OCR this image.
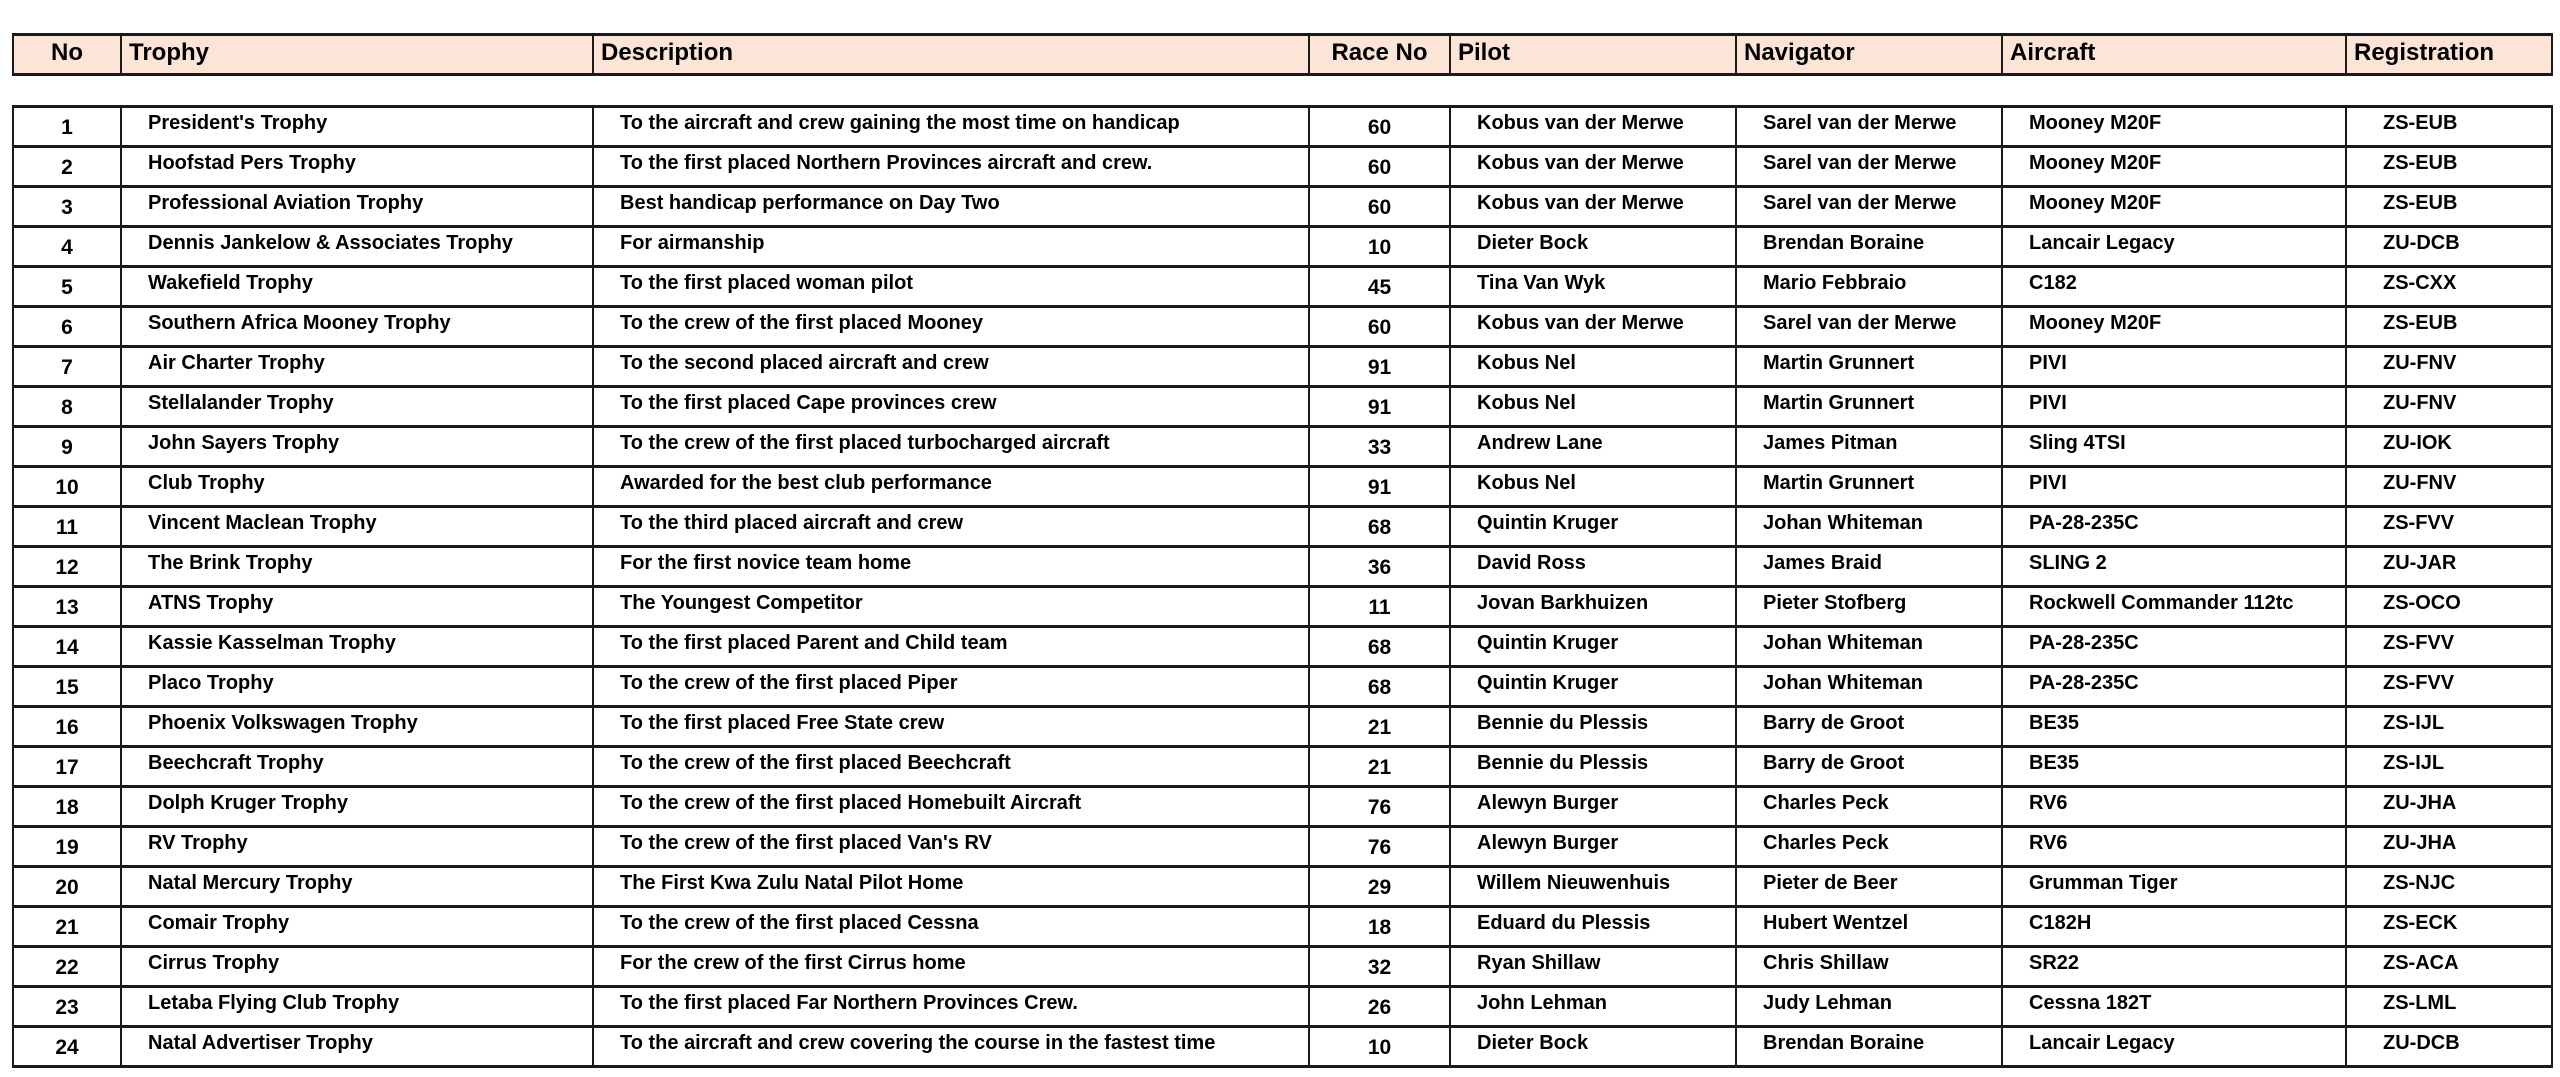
No	Trophy	Description	Race No	Pilot	Navigator	Aircraft	Registration
1	President's Trophy	To the aircraft and crew gaining the most time on handicap	60	Kobus van der Merwe	Sarel van der Merwe	Mooney M20F	ZS-EUB
2	Hoofstad Pers Trophy	To the first placed Northern Provinces aircraft and crew.	60	Kobus van der Merwe	Sarel van der Merwe	Mooney M20F	ZS-EUB
3	Professional Aviation Trophy	Best handicap performance on Day Two	60	Kobus van der Merwe	Sarel van der Merwe	Mooney M20F	ZS-EUB
4	Dennis Jankelow & Associates Trophy	For airmanship	10	Dieter Bock	Brendan Boraine	Lancair Legacy	ZU-DCB
5	Wakefield Trophy	To the first placed woman pilot	45	Tina Van Wyk	Mario Febbraio	C182	ZS-CXX
6	Southern Africa Mooney Trophy	To the crew of the first placed Mooney	60	Kobus van der Merwe	Sarel van der Merwe	Mooney M20F	ZS-EUB
7	Air Charter Trophy	To the second placed aircraft and crew	91	Kobus Nel	Martin Grunnert	PIVI	ZU-FNV
8	Stellalander Trophy	To the first placed Cape provinces crew	91	Kobus Nel	Martin Grunnert	PIVI	ZU-FNV
9	John Sayers Trophy	To the crew of the first placed turbocharged aircraft	33	Andrew Lane	James Pitman	Sling 4TSI	ZU-IOK
10	Club Trophy	Awarded for the best club performance	91	Kobus Nel	Martin Grunnert	PIVI	ZU-FNV
11	Vincent Maclean Trophy	To the third placed aircraft and crew	68	Quintin Kruger	Johan Whiteman	PA-28-235C	ZS-FVV
12	The Brink Trophy	For the first novice team home	36	David Ross	James Braid	SLING 2	ZU-JAR
13	ATNS Trophy	The Youngest Competitor	11	Jovan Barkhuizen	Pieter Stofberg	Rockwell Commander 112tc	ZS-OCO
14	Kassie Kasselman Trophy	To the first placed Parent and Child team	68	Quintin Kruger	Johan Whiteman	PA-28-235C	ZS-FVV
15	Placo Trophy	To the crew of the first placed Piper	68	Quintin Kruger	Johan Whiteman	PA-28-235C	ZS-FVV
16	Phoenix Volkswagen Trophy	To the first placed Free State crew	21	Bennie du Plessis	Barry de Groot	BE35	ZS-IJL
17	Beechcraft Trophy	To the crew of the first placed Beechcraft	21	Bennie du Plessis	Barry de Groot	BE35	ZS-IJL
18	Dolph Kruger Trophy	To the crew of the first placed Homebuilt Aircraft	76	Alewyn Burger	Charles Peck	RV6	ZU-JHA
19	RV Trophy	To the crew of the first placed Van's RV	76	Alewyn Burger	Charles Peck	RV6	ZU-JHA
20	Natal Mercury Trophy	The First Kwa Zulu Natal Pilot Home	29	Willem Nieuwenhuis	Pieter de Beer	Grumman Tiger	ZS-NJC
21	Comair Trophy	To the crew of the first placed Cessna	18	Eduard du Plessis	Hubert Wentzel	C182H	ZS-ECK
22	Cirrus Trophy	For the crew of the first Cirrus home	32	Ryan Shillaw	Chris Shillaw	SR22	ZS-ACA
23	Letaba Flying Club Trophy	To the first placed Far Northern Provinces Crew.	26	John Lehman	Judy Lehman	Cessna 182T	ZS-LML
24	Natal Advertiser Trophy	To the aircraft and crew covering the course in the fastest time	10	Dieter Bock	Brendan Boraine	Lancair Legacy	ZU-DCB
